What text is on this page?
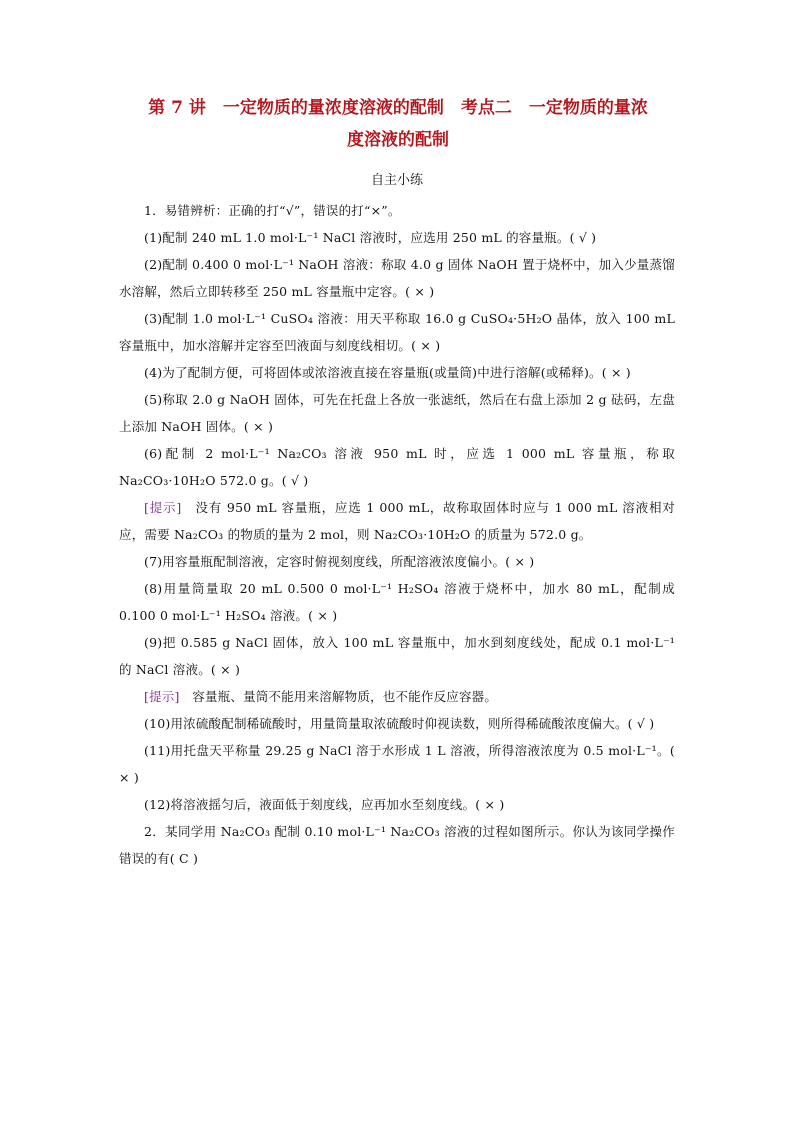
第 7 讲　一定物质的量浓度溶液的配制　考点二　一定物质的量浓
度溶液的配制
自主小练

1．易错辨析：正确的打“√”，错误的打“×”。

(1)配制 240 mL 1.0 mol·L⁻¹ NaCl 溶液时，应选用 250 mL 的容量瓶。( √ )

(2)配制 0.400 0 mol·L⁻¹ NaOH 溶液：称取 4.0 g 固体 NaOH 置于烧杯中，加入少量蒸馏水溶解，然后立即转移至 250 mL 容量瓶中定容。( × )

(3)配制 1.0 mol·L⁻¹ CuSO₄ 溶液：用天平称取 16.0 g CuSO₄·5H₂O 晶体，放入 100 mL 容量瓶中，加水溶解并定容至凹液面与刻度线相切。( × )

(4)为了配制方便，可将固体或浓溶液直接在容量瓶(或量筒)中进行溶解(或稀释)。( × )

(5)称取 2.0 g NaOH 固体，可先在托盘上各放一张滤纸，然后在右盘上添加 2 g 砝码，左盘上添加 NaOH 固体。( × )

(6)配制 2 mol·L⁻¹ Na₂CO₃ 溶液 950 mL 时，应选 1 000 mL 容量瓶，称取 Na₂CO₃·10H₂O 572.0 g。( √ )

[提示]　没有 950 mL 容量瓶，应选 1 000 mL，故称取固体时应与 1 000 mL 溶液相对应，需要 Na₂CO₃ 的物质的量为 2 mol，则 Na₂CO₃·10H₂O 的质量为 572.0 g。

(7)用容量瓶配制溶液，定容时俯视刻度线，所配溶液浓度偏小。( × )

(8)用量筒量取 20 mL 0.500 0 mol·L⁻¹ H₂SO₄ 溶液于烧杯中，加水 80 mL，配制成 0.100 0 mol·L⁻¹ H₂SO₄ 溶液。( × )

(9)把 0.585 g NaCl 固体，放入 100 mL 容量瓶中，加水到刻度线处，配成 0.1 mol·L⁻¹ 的 NaCl 溶液。( × )

[提示]　容量瓶、量筒不能用来溶解物质，也不能作反应容器。

(10)用浓硫酸配制稀硫酸时，用量筒量取浓硫酸时仰视读数，则所得稀硫酸浓度偏大。( √ )

(11)用托盘天平称量 29.25 g NaCl 溶于水形成 1 L 溶液，所得溶液浓度为 0.5 mol·L⁻¹。( × )

(12)将溶液摇匀后，液面低于刻度线，应再加水至刻度线。( × )

2．某同学用 Na₂CO₃ 配制 0.10 mol·L⁻¹ Na₂CO₃ 溶液的过程如图所示。你认为该同学操作错误的有( C )
